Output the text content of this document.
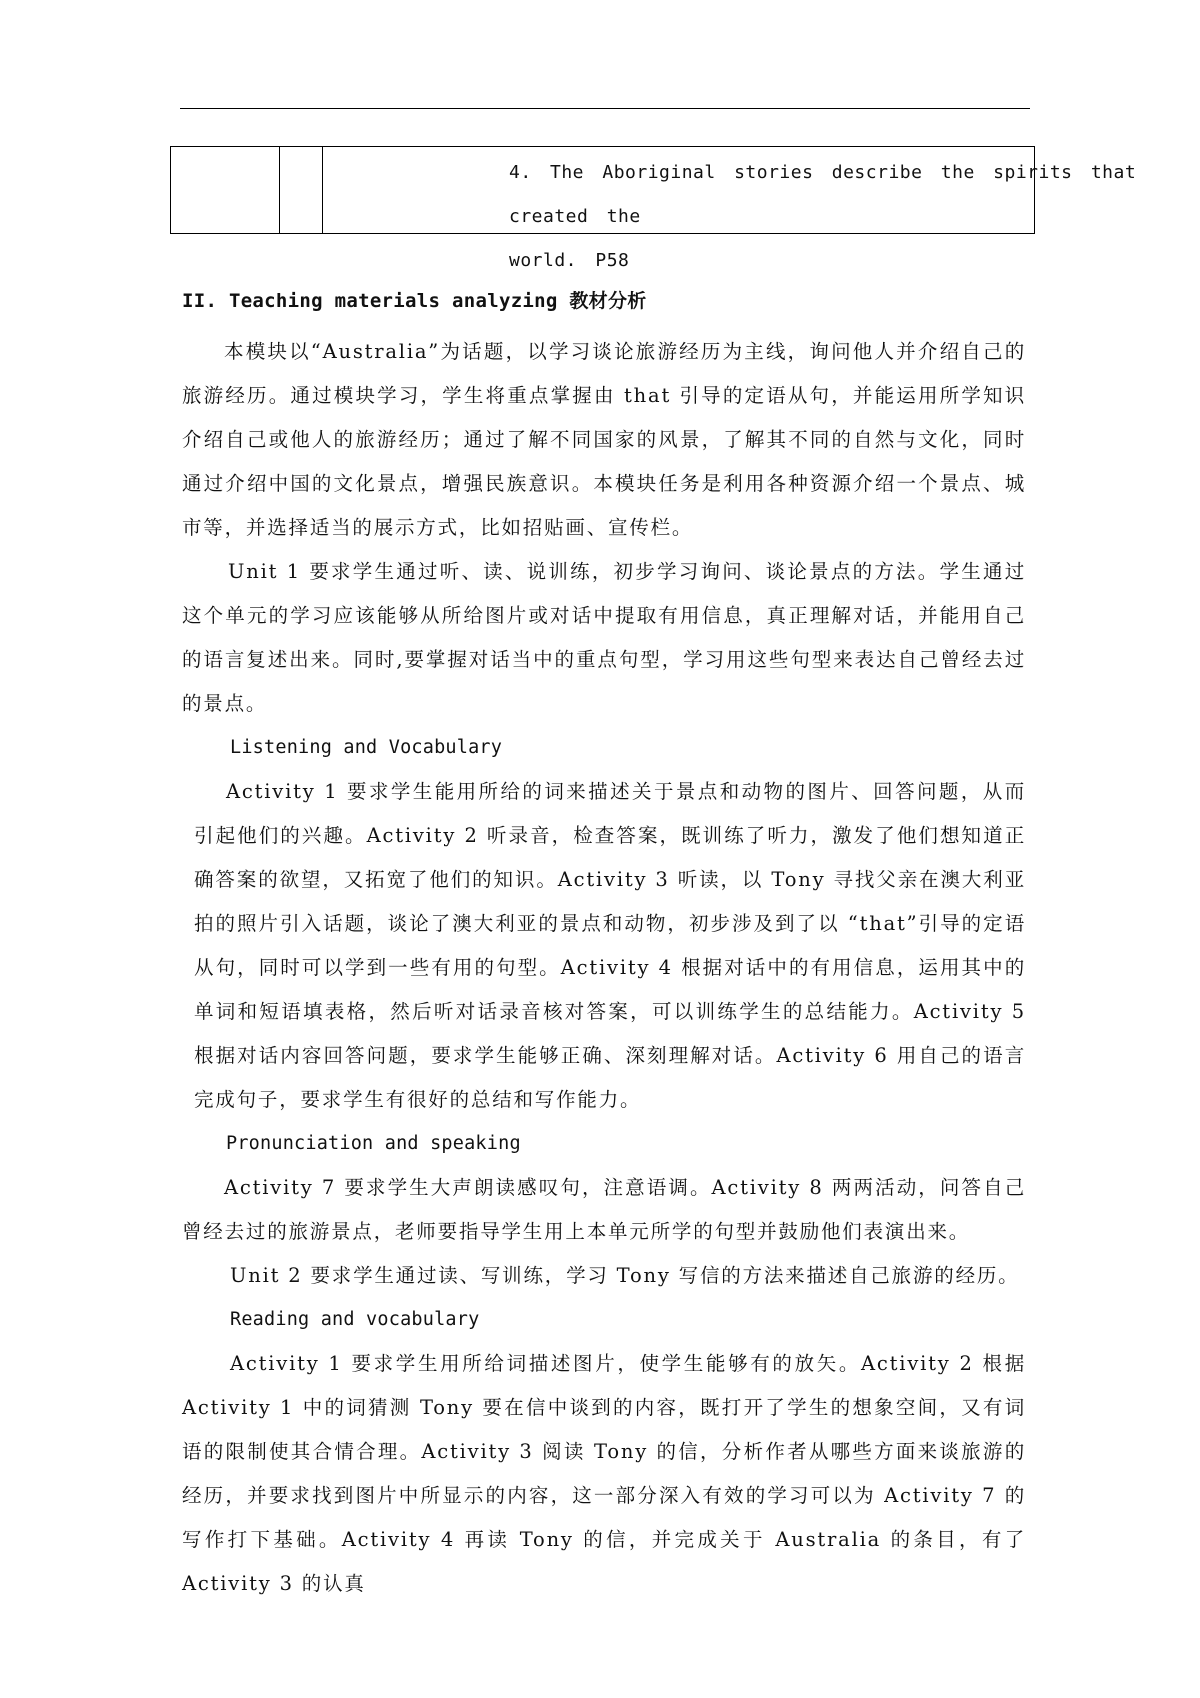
4. The Aboriginal stories describe the spirits that created the
world. P58
II. Teaching materials analyzing 教材分析
本模块以“Australia”为话题，以学习谈论旅游经历为主线，询问他人并介绍自己的旅游经历。通过模块学习，学生将重点掌握由 that 引导的定语从句，并能运用所学知识介绍自己或他人的旅游经历；通过了解不同国家的风景，了解其不同的自然与文化，同时通过介绍中国的文化景点，增强民族意识。本模块任务是利用各种资源介绍一个景点、城市等，并选择适当的展示方式，比如招贴画、宣传栏。
Unit 1 要求学生通过听、读、说训练，初步学习询问、谈论景点的方法。学生通过这个单元的学习应该能够从所给图片或对话中提取有用信息，真正理解对话，并能用自己的语言复述出来。同时,要掌握对话当中的重点句型，学习用这些句型来表达自己曾经去过的景点。
Listening and Vocabulary
Activity 1 要求学生能用所给的词来描述关于景点和动物的图片、回答问题，从而引起他们的兴趣。Activity 2 听录音，检查答案，既训练了听力，激发了他们想知道正确答案的欲望，又拓宽了他们的知识。Activity 3 听读，以 Tony 寻找父亲在澳大利亚拍的照片引入话题，谈论了澳大利亚的景点和动物，初步涉及到了以 “that”引导的定语从句，同时可以学到一些有用的句型。Activity 4 根据对话中的有用信息，运用其中的单词和短语填表格，然后听对话录音核对答案，可以训练学生的总结能力。Activity 5 根据对话内容回答问题，要求学生能够正确、深刻理解对话。Activity 6 用自己的语言完成句子，要求学生有很好的总结和写作能力。
Pronunciation and speaking
Activity 7 要求学生大声朗读感叹句，注意语调。Activity 8 两两活动，问答自己曾经去过的旅游景点，老师要指导学生用上本单元所学的句型并鼓励他们表演出来。
Unit 2 要求学生通过读、写训练，学习 Tony 写信的方法来描述自己旅游的经历。
Reading and vocabulary
Activity 1 要求学生用所给词描述图片，使学生能够有的放矢。Activity 2 根据 Activity 1 中的词猜测 Tony 要在信中谈到的内容，既打开了学生的想象空间，又有词语的限制使其合情合理。Activity 3 阅读 Tony 的信，分析作者从哪些方面来谈旅游的经历，并要求找到图片中所显示的内容，这一部分深入有效的学习可以为 Activity 7 的写作打下基础。Activity 4 再读 Tony 的信，并完成关于 Australia 的条目，有了 Activity 3 的认真
